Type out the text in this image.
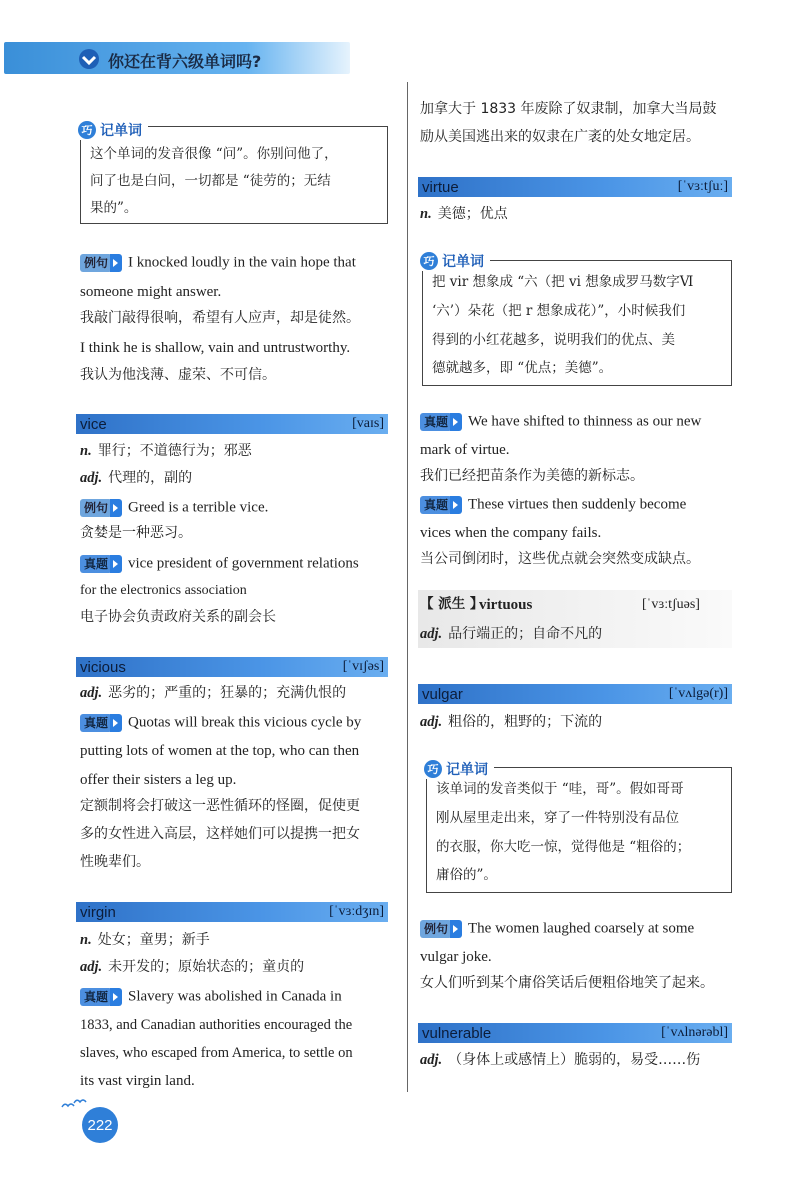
你还在背六级单词吗?
巧 记单词
这个单词的发音很像 “问”。你别问他了，
问了也是白问，一切都是 “徒劳的；无结
果的”。
例句 I knocked loudly in the vain hope that
someone might answer.
我敲门敲得很响，希望有人应声，却是徒然。
I think he is shallow, vain and untrustworthy.
我认为他浅薄、虚荣、不可信。
vice	[vaɪs]
n. 罪行；不道德行为；邪恶
adj. 代理的，副的
例句 Greed is a terrible vice.
贪婪是一种恶习。
真题 vice president of government relations
for the electronics association
电子协会负责政府关系的副会长
vicious	[ˈvɪʃəs]
adj. 恶劣的；严重的；狂暴的；充满仇恨的
真题 Quotas will break this vicious cycle by
putting lots of women at the top, who can then
offer their sisters a leg up.
定额制将会打破这一恶性循环的怪圈，促使更
多的女性进入高层，这样她们可以提携一把女
性晚辈们。
virgin	[ˈvɜːdʒɪn]
n. 处女；童男；新手
adj. 未开发的；原始状态的；童贞的
真题 Slavery was abolished in Canada in
1833, and Canadian authorities encouraged the
slaves, who escaped from America, to settle on
its vast virgin land.
加拿大于 1833 年废除了奴隶制，加拿大当局鼓
励从美国逃出来的奴隶在广袤的处女地定居。
virtue	[ˈvɜːtʃuː]
n. 美德；优点
巧 记单词
把 vir 想象成 “六（把 vi 想象成罗马数字Ⅵ
‘六’）朵花（把 r 想象成花）”，小时候我们
得到的小红花越多，说明我们的优点、美
德就越多，即 “优点；美德”。
真题 We have shifted to thinness as our new
mark of virtue.
我们已经把苗条作为美德的新标志。
真题 These virtues then suddenly become
vices when the company fails.
当公司倒闭时，这些优点就会突然变成缺点。
【 派生 】
virtuous	[ˈvɜːtʃuəs]
adj. 品行端正的；自命不凡的
vulgar	[ˈvʌlgə(r)]
adj. 粗俗的，粗野的；下流的
巧 记单词
该单词的发音类似于 “哇，哥”。假如哥哥
刚从屋里走出来，穿了一件特别没有品位
的衣服，你大吃一惊，觉得他是 “粗俗的；
庸俗的”。
例句 The women laughed coarsely at some
vulgar joke.
女人们听到某个庸俗笑话后便粗俗地笑了起来。
vulnerable	[ˈvʌlnərəbl]
adj. （身体上或感情上）脆弱的，易受……伤
222
